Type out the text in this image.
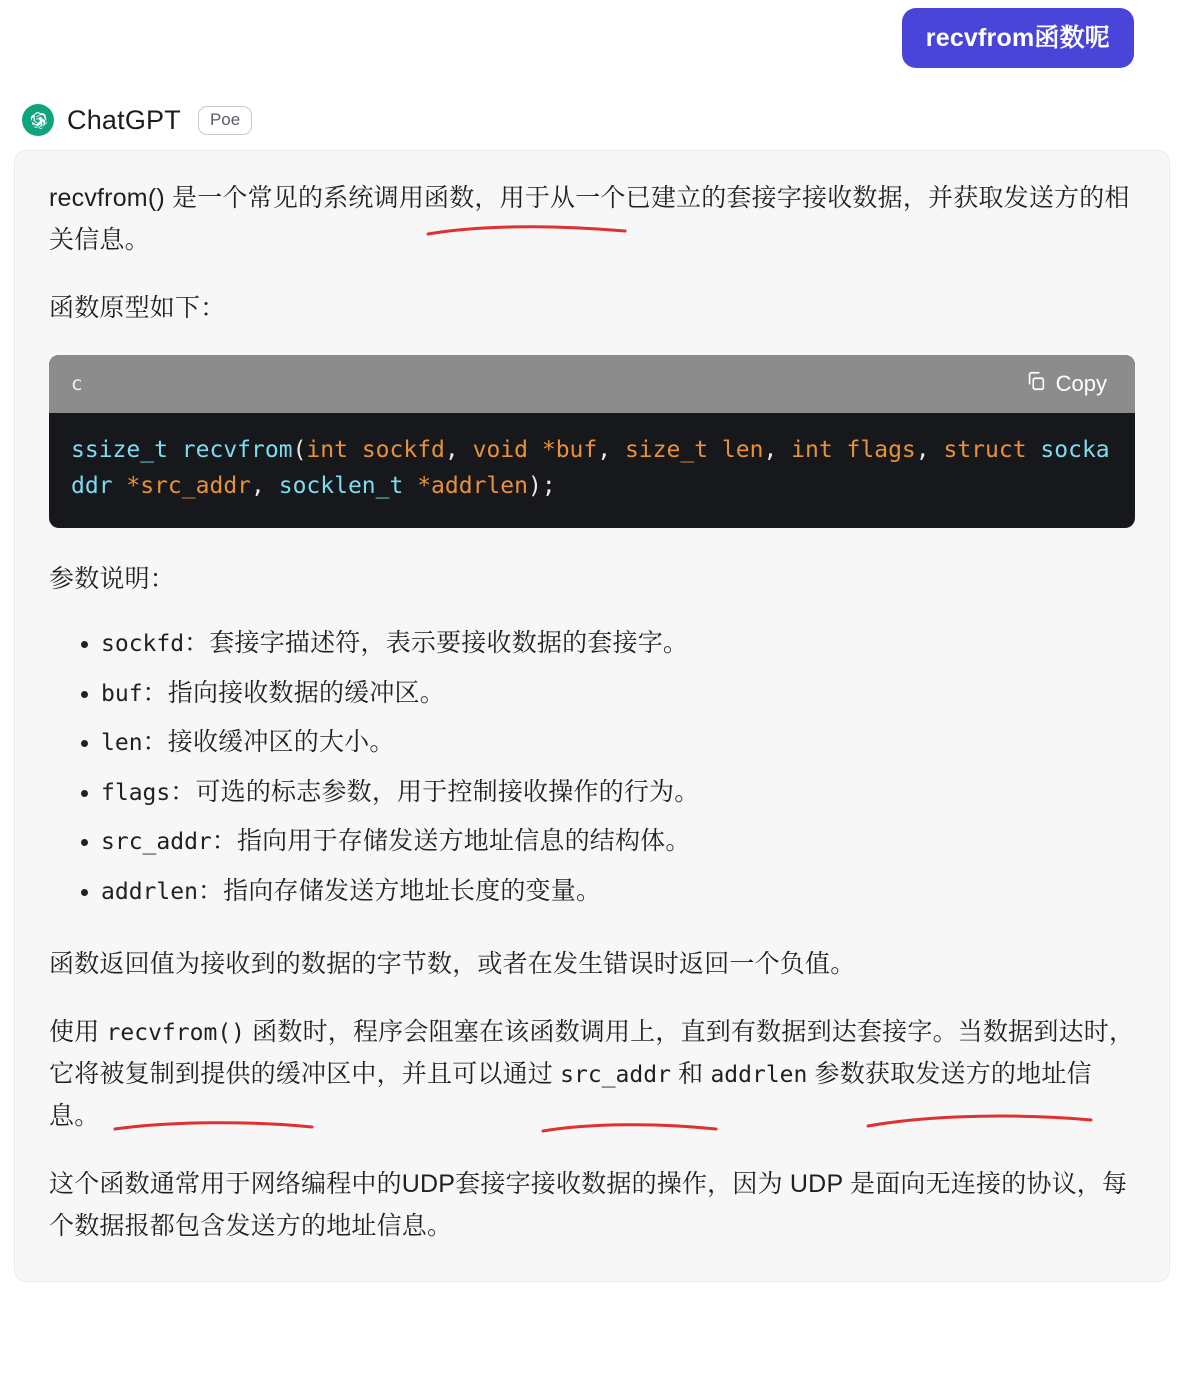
recvfrom函数呢
ChatGPT	Poe

recvfrom() 是一个常见的系统调用函数，用于从一个已建立的套接字接收数据，并获取发送方的相关信息。

函数原型如下：

c	Copy
ssize_t recvfrom(int sockfd, void *buf, size_t len, int flags, struct sockaddr *src_addr, socklen_t *addrlen);

参数说明：

• sockfd：套接字描述符，表示要接收数据的套接字。
• buf：指向接收数据的缓冲区。
• len：接收缓冲区的大小。
• flags：可选的标志参数，用于控制接收操作的行为。
• src_addr：指向用于存储发送方地址信息的结构体。
• addrlen：指向存储发送方地址长度的变量。

函数返回值为接收到的数据的字节数，或者在发生错误时返回一个负值。

使用 recvfrom() 函数时，程序会阻塞在该函数调用上，直到有数据到达套接字。当数据到达时，它将被复制到提供的缓冲区中，并且可以通过 src_addr 和 addrlen 参数获取发送方的地址信息。

这个函数通常用于网络编程中的UDP套接字接收数据的操作，因为 UDP 是面向无连接的协议，每个数据报都包含发送方的地址信息。
